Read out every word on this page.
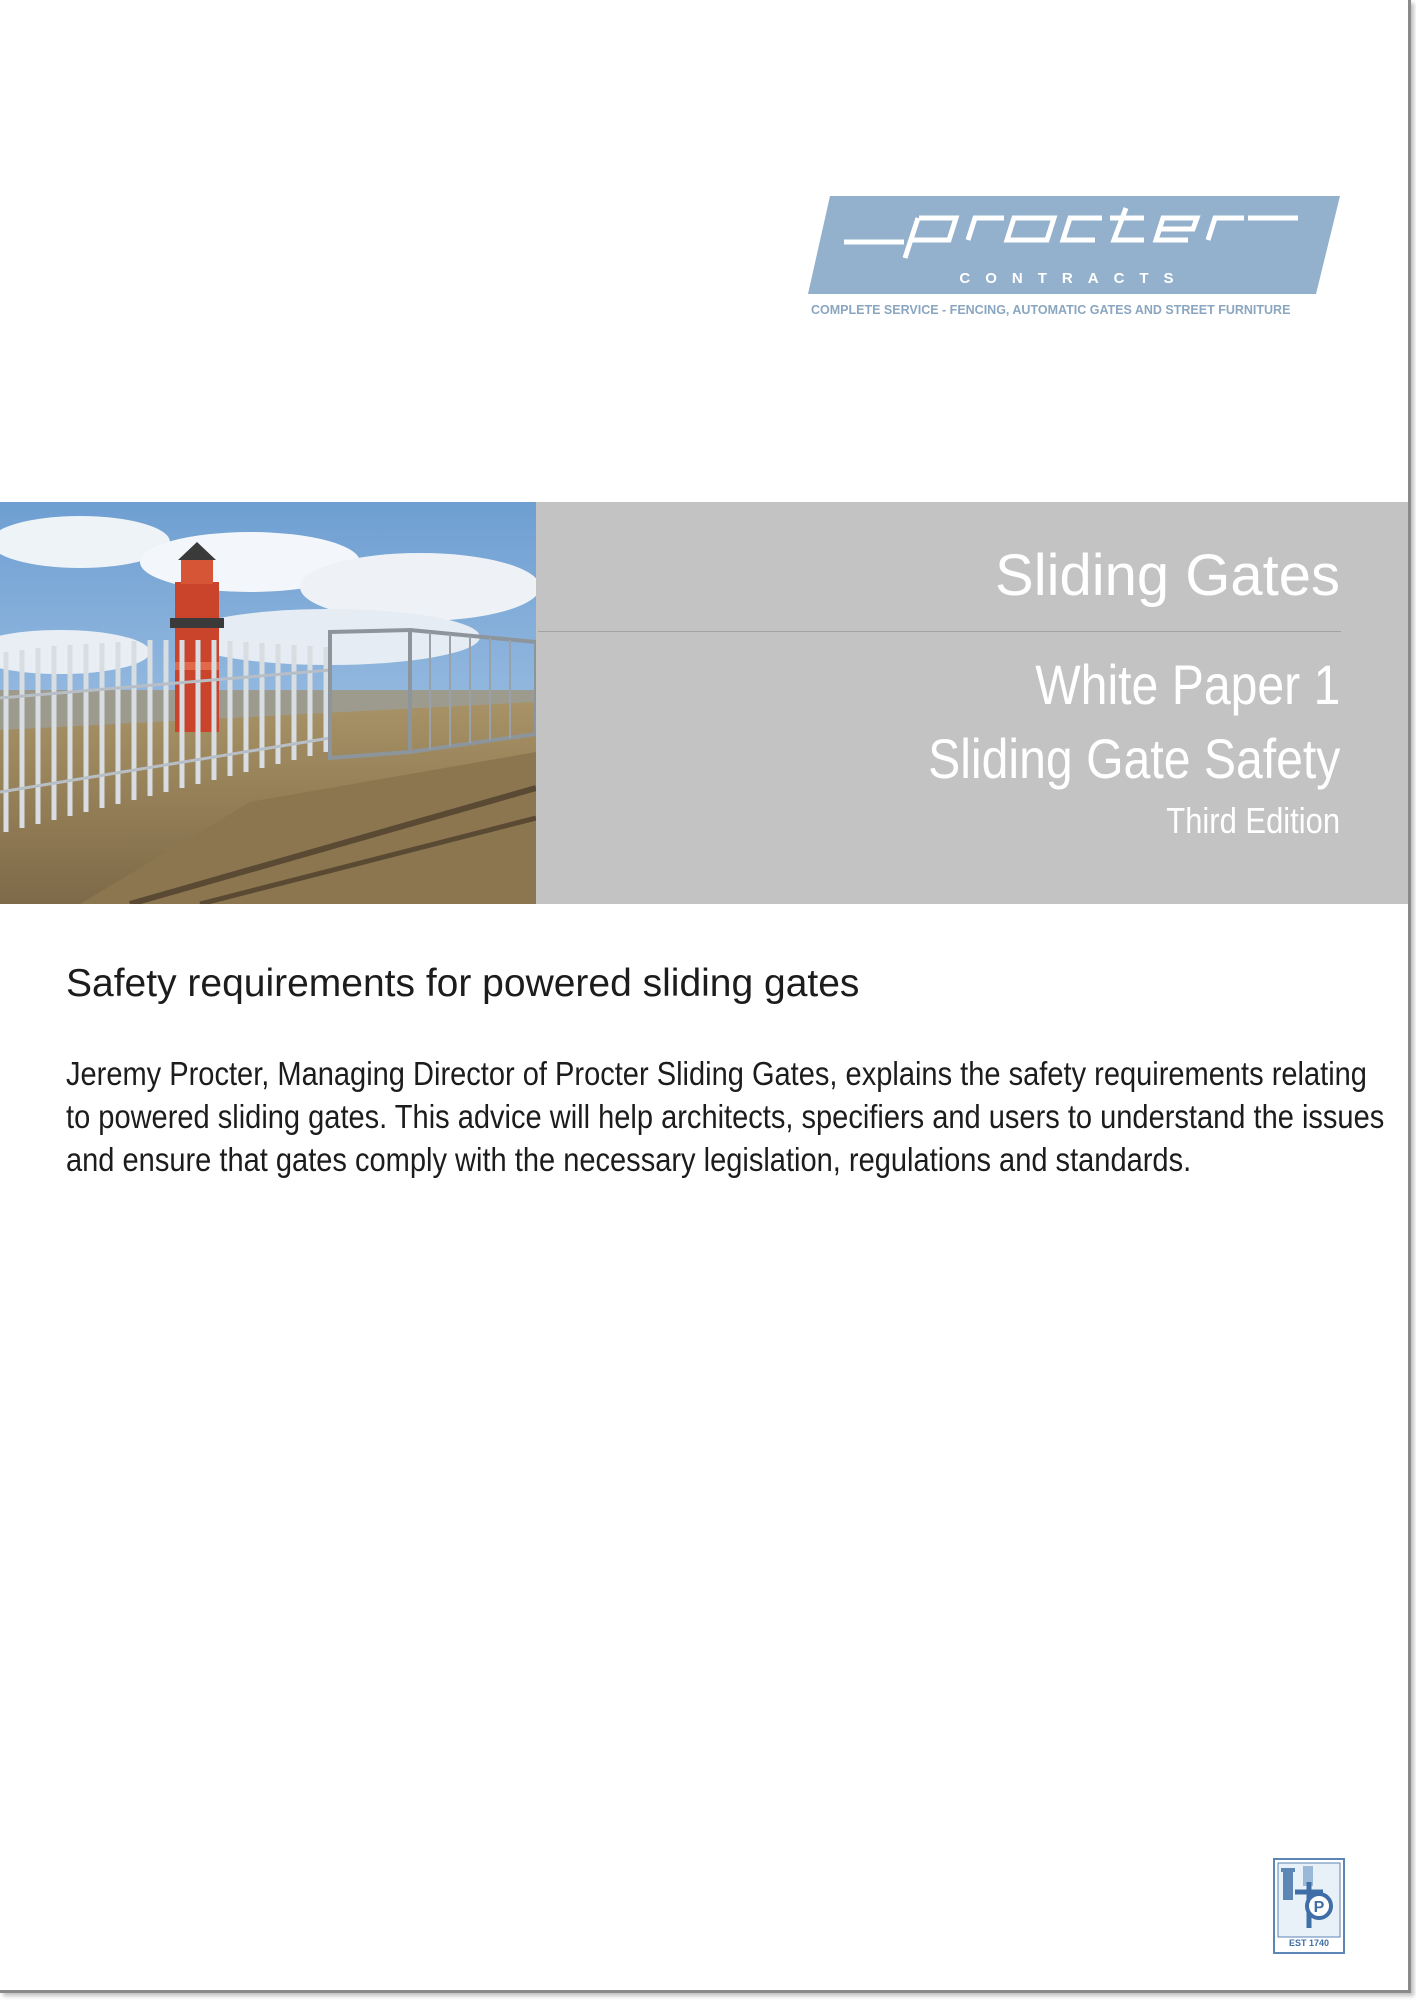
CONTRACTS
COMPLETE SERVICE - FENCING, AUTOMATIC GATES AND STREET FURNITURE
Sliding Gates
White Paper 1
Sliding Gate Safety
Third Edition
Safety requirements for powered sliding gates
Jeremy Procter, Managing Director of Procter Sliding Gates, explains the safety requirements relating
to powered sliding gates. This advice will help architects, specifiers and users to understand the issues
and ensure that gates comply with the necessary legislation, regulations and standards.
P
EST 1740
